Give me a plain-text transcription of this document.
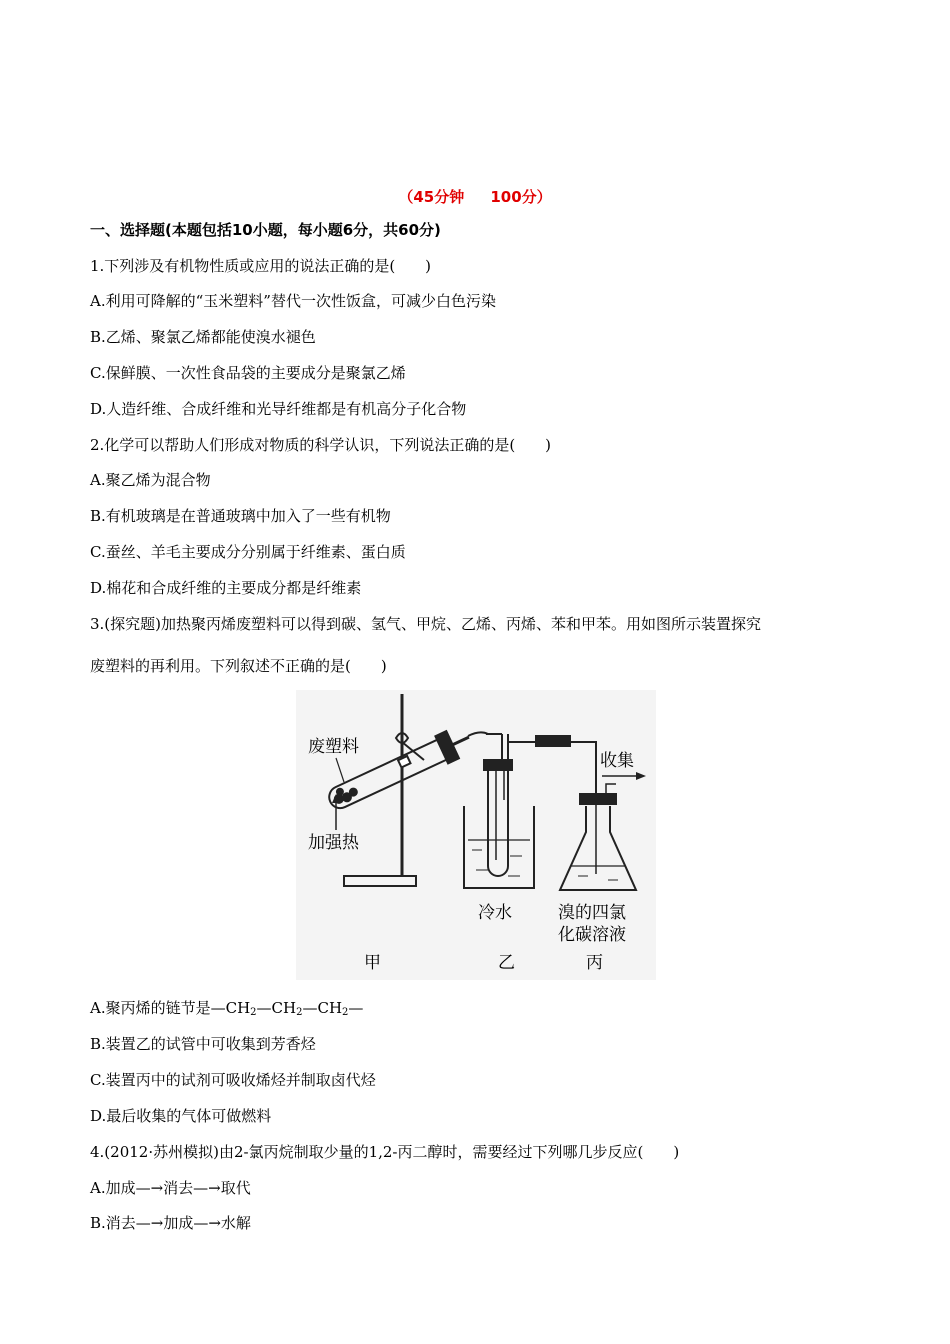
（45分钟     100分）
一、选择题(本题包括10小题，每小题6分，共60分)
1.下列涉及有机物性质或应用的说法正确的是(　　)
A.利用可降解的“玉米塑料”替代一次性饭盒，可减少白色污染
B.乙烯、聚氯乙烯都能使溴水褪色
C.保鲜膜、一次性食品袋的主要成分是聚氯乙烯
D.人造纤维、合成纤维和光导纤维都是有机高分子化合物
2.化学可以帮助人们形成对物质的科学认识，下列说法正确的是(　　)
A.聚乙烯为混合物
B.有机玻璃是在普通玻璃中加入了一些有机物
C.蚕丝、羊毛主要成分分别属于纤维素、蛋白质
D.棉花和合成纤维的主要成分都是纤维素
3.(探究题)加热聚丙烯废塑料可以得到碳、氢气、甲烷、乙烯、丙烯、苯和甲苯。用如图所示装置探究
废塑料的再利用。下列叙述不正确的是(　　)
废塑料
加强热
收集
冷水	溴的四氯
化碳溶液
甲	乙	丙
A.聚丙烯的链节是$—CH_2—CH_2—CH_2—$
B.装置乙的试管中可收集到芳香烃
C.装置丙中的试剂可吸收烯烃并制取卤代烃
D.最后收集的气体可做燃料
4.(2012·苏州模拟)由2-氯丙烷制取少量的1,2-丙二醇时，需要经过下列哪几步反应(　　)
A.加成—→消去—→取代
B.消去—→加成—→水解
